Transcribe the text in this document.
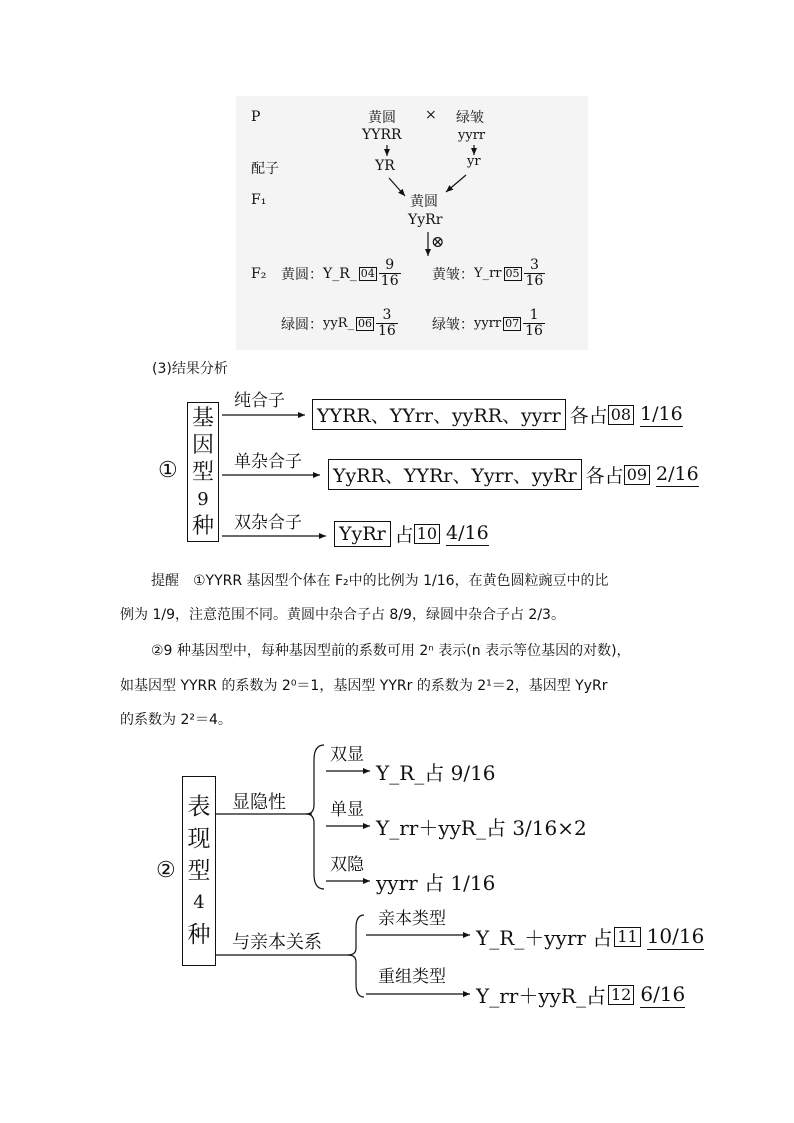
P	黄圆 × 绿皱
YYRR	yyrr
配子	YR	yr
F₁	黄圆
YyRr
⊗
F₂ 黄圆： Y_R_ $04 \frac{9}{16}$ 黄皱： Y_rr $05 \frac{3}{16}$
绿圆： yyR_ $06 \frac{3}{16}$ 绿皱： yyrr $07 \frac{1}{16}$
(3)结果分析
①
基
因
型
9
种
纯合子
YYRR、YYrr、yyRR、yyrr 各占 08 1/16
单杂合子
YyRR、YYRr、Yyrr、yyRr 各占 09 2/16
双杂合子 YyRr 占 10 4/16
提醒　①YYRR 基因型个体在 F₂中的比例为 1/16，在黄色圆粒豌豆中的比
例为 1/9，注意范围不同。黄圆中杂合子占 8/9，绿圆中杂合子占 2/3。
②9 种基因型中，每种基因型前的系数可用 2ⁿ 表示(n 表示等位基因的对数)，
如基因型 YYRR 的系数为 2⁰＝1，基因型 YYRr 的系数为 2¹＝2，基因型 YyRr
的系数为 2²＝4。
②
表
现
型
4
种
显隐性
双显
Y_R_占 9/16
单显
Y_rr＋yyR_占 3/16×2
双隐
yyrr 占 1/16
与亲本关系
亲本类型
Y_R_＋yyrr 占 11 10/16
重组类型
Y_rr＋yyR_占 12 6/16
